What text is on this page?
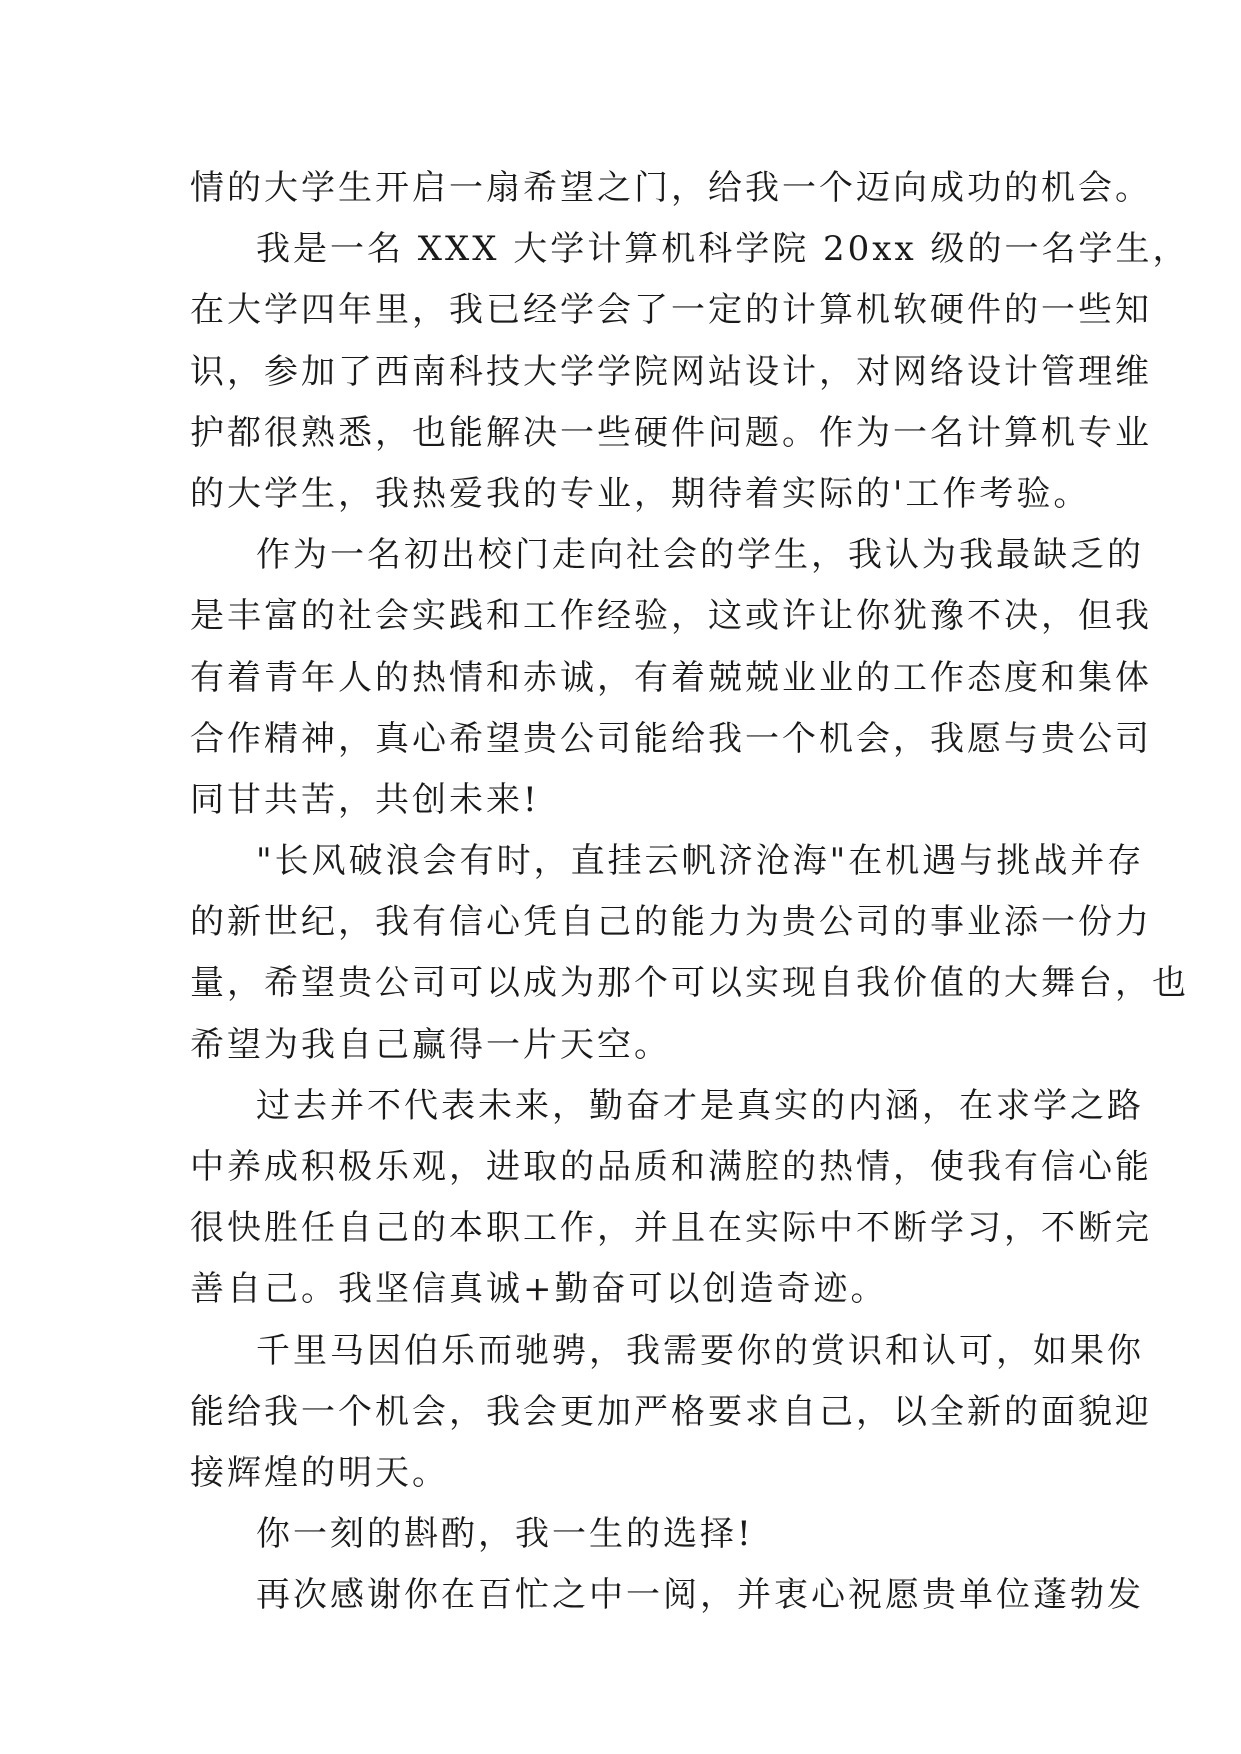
情的大学生开启一扇希望之门，给我一个迈向成功的机会。
我是一名 XXX 大学计算机科学院 20xx 级的一名学生，
在大学四年里，我已经学会了一定的计算机软硬件的一些知
识，参加了西南科技大学学院网站设计，对网络设计管理维
护都很熟悉，也能解决一些硬件问题。作为一名计算机专业
的大学生，我热爱我的专业，期待着实际的'工作考验。
作为一名初出校门走向社会的学生，我认为我最缺乏的
是丰富的社会实践和工作经验，这或许让你犹豫不决，但我
有着青年人的热情和赤诚，有着兢兢业业的工作态度和集体
合作精神，真心希望贵公司能给我一个机会，我愿与贵公司
同甘共苦，共创未来!
"长风破浪会有时，直挂云帆济沧海"在机遇与挑战并存
的新世纪，我有信心凭自己的能力为贵公司的事业添一份力
量，希望贵公司可以成为那个可以实现自我价值的大舞台，也
希望为我自己赢得一片天空。
过去并不代表未来，勤奋才是真实的内涵，在求学之路
中养成积极乐观，进取的品质和满腔的热情，使我有信心能
很快胜任自己的本职工作，并且在实际中不断学习，不断完
善自己。我坚信真诚+勤奋可以创造奇迹。
千里马因伯乐而驰骋，我需要你的赏识和认可，如果你
能给我一个机会，我会更加严格要求自己，以全新的面貌迎
接辉煌的明天。
你一刻的斟酌，我一生的选择!
再次感谢你在百忙之中一阅，并衷心祝愿贵单位蓬勃发
